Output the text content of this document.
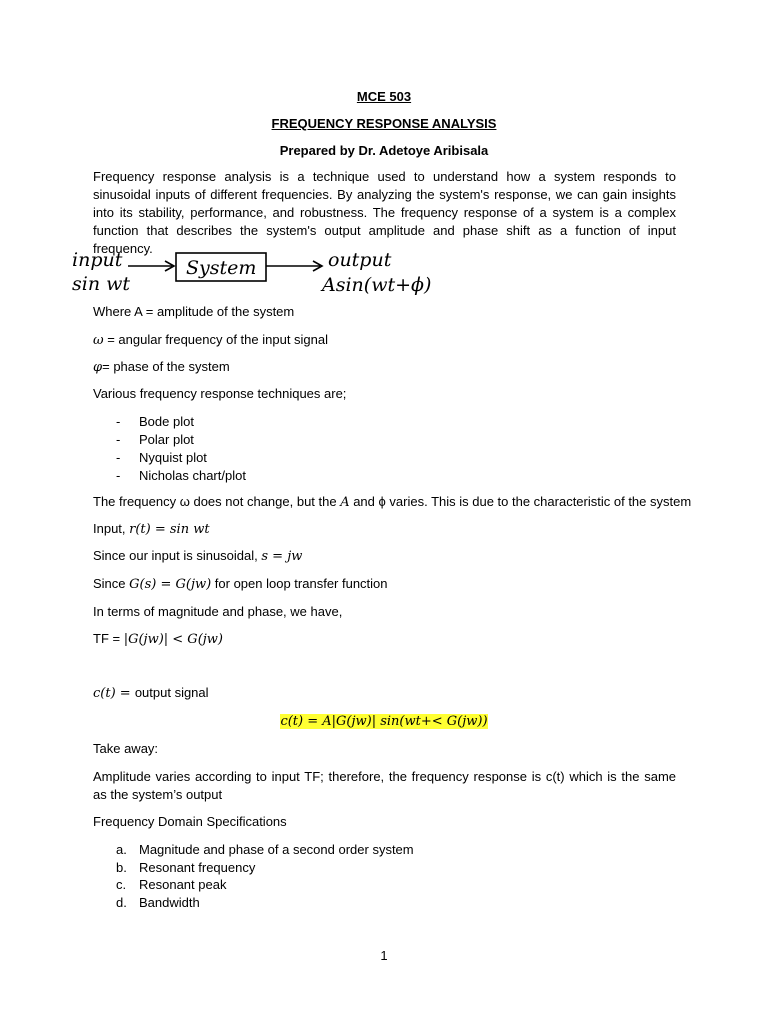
MCE 503
FREQUENCY RESPONSE ANALYSIS
Prepared by Dr. Adetoye Aribisala
Frequency response analysis is a technique used to understand how a system responds to sinusoidal inputs of different frequencies. By analyzing the system's response, we can gain insights into its stability, performance, and robustness. The frequency response of a system is a complex function that describes the system's output amplitude and phase shift as a function of input frequency.
input
sin wt
System	output
Asin(wt+ϕ)
Where A = amplitude of the system
ω = angular frequency of the input signal
φ= phase of the system
Various frequency response techniques are;
- Bode plot
- Polar plot
- Nyquist plot
- Nicholas chart/plot
The frequency ω does not change, but the A and ϕ varies. This is due to the characteristic of the system
Input, r(t) = sin wt
Since our input is sinusoidal, s = jw
Since G(s) = G(jw) for open loop transfer function
In terms of magnitude and phase, we have,
TF = |G(jw)| < G(jw)
c(t) = output signal
c(t) = A|G(jw)| sin(wt+< G(jw))
Take away:
Amplitude varies according to input TF; therefore, the frequency response is c(t) which is the same as the system’s output
Frequency Domain Specifications
a. Magnitude and phase of a second order system
b. Resonant frequency
c. Resonant peak
d. Bandwidth
1
